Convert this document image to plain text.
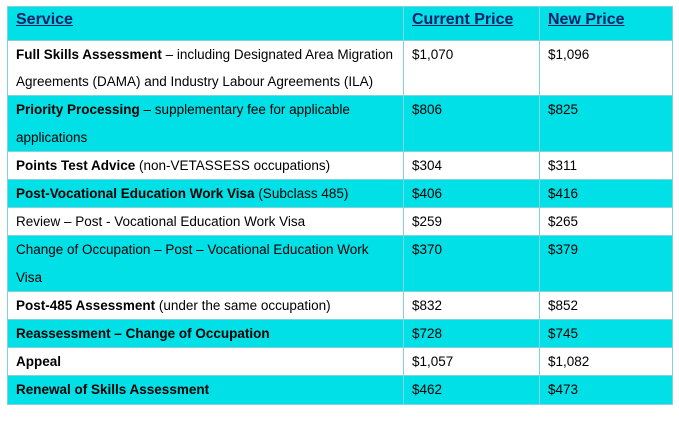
Service	Current Price	New Price
Full Skills Assessment – including Designated Area Migration Agreements (DAMA) and Industry Labour Agreements (ILA)	$1,070	$1,096
Priority Processing – supplementary fee for applicable applications	$806	$825
Points Test Advice (non-VETASSESS occupations)	$304	$311
Post-Vocational Education Work Visa (Subclass 485)	$406	$416
Review – Post - Vocational Education Work Visa	$259	$265
Change of Occupation – Post – Vocational Education Work Visa	$370	$379
Post-485 Assessment (under the same occupation)	$832	$852
Reassessment – Change of Occupation	$728	$745
Appeal	$1,057	$1,082
Renewal of Skills Assessment	$462	$473
